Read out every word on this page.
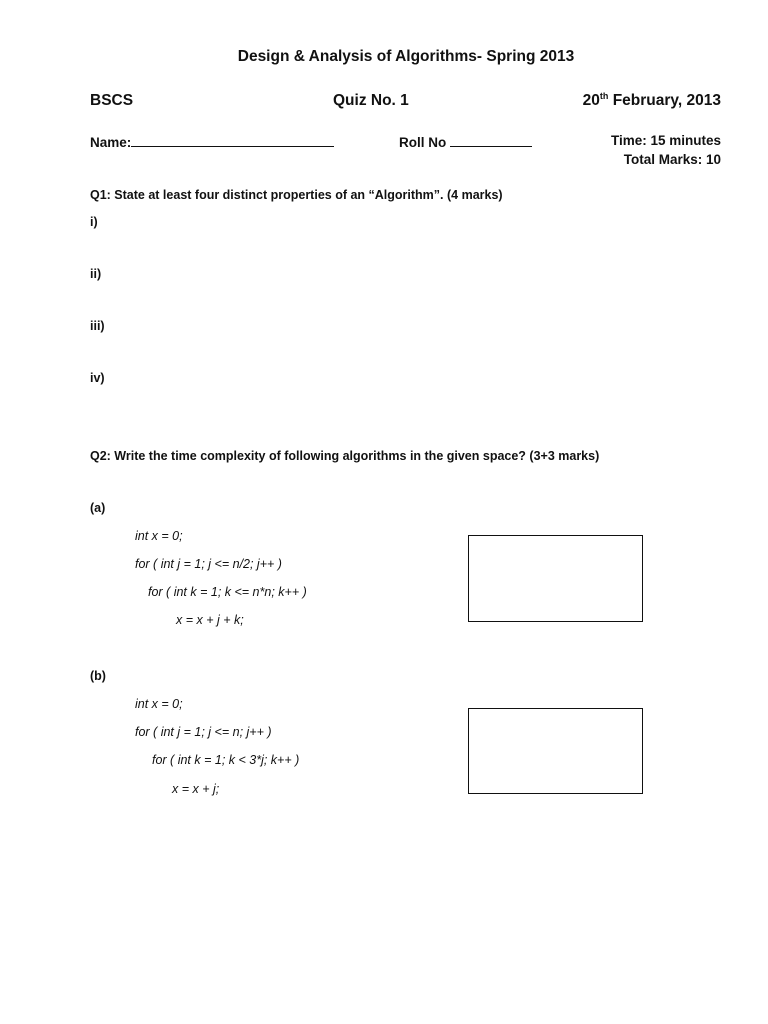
Design & Analysis of Algorithms- Spring 2013
BSCS	Quiz No. 1	20th February, 2013
Name:	Roll No	Time: 15 minutes
Total Marks: 10
Q1: State at least four distinct properties of an “Algorithm”. (4 marks)
i)
ii)
iii)
iv)
Q2: Write the time complexity of following algorithms in the given space? (3+3 marks)
(a)
int x = 0;
for ( int j = 1; j <= n/2; j++ )
for ( int k = 1; k <= n*n; k++ )
x = x + j + k;
(b)
int x = 0;
for ( int j = 1; j <= n; j++ )
for ( int k = 1; k < 3*j; k++ )
x = x + j;
